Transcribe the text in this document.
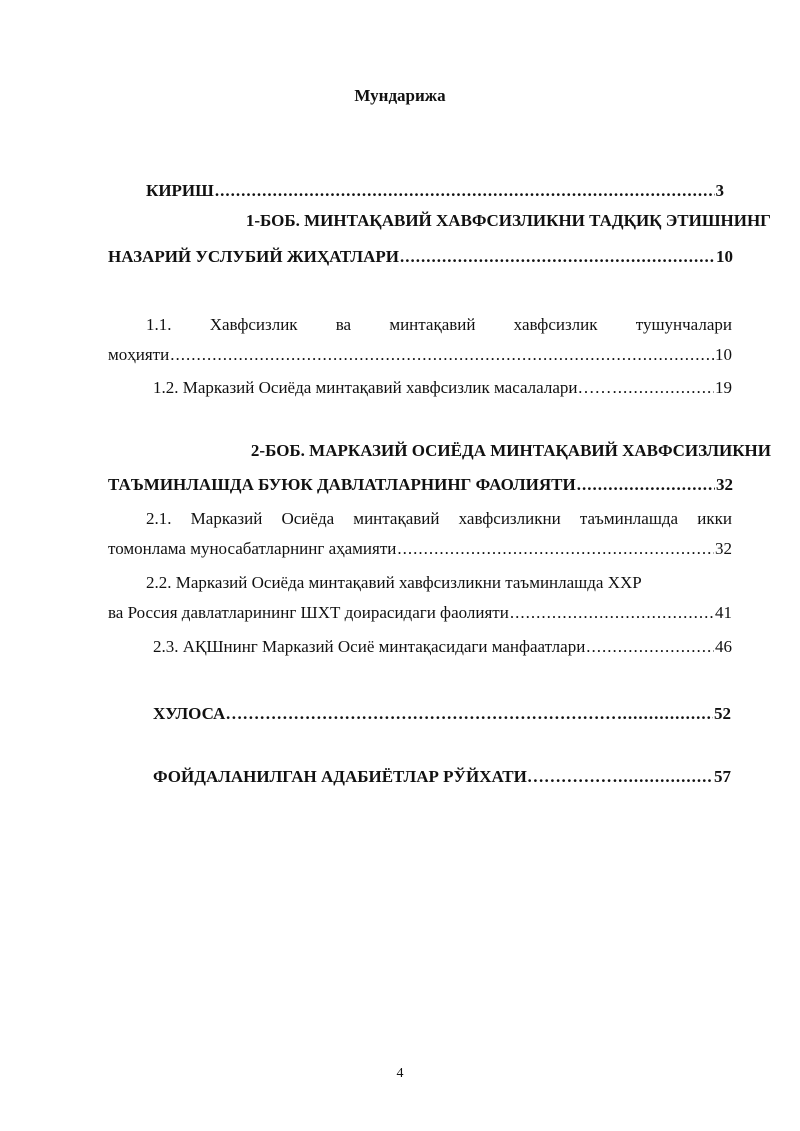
Мундарижа
КИРИШ .....	3
1-БОБ. МИНТАҚАВИЙ ХАВФСИЗЛИКНИ ТАДҚИҚ ЭТИШНИНГ
НАЗАРИЙ УСЛУБИЙ ЖИҲАТЛАРИ .....	10
1.1. Хавфсизлик ва минтақавий хавфсизлик тушунчалари
моҳияти .....	10
1.2. Марказий Осиёда минтақавий хавфсизлик масалалари…… .....	19
2-БОБ. МАРКАЗИЙ ОСИЁДА МИНТАҚАВИЙ ХАВФСИЗЛИКНИ
ТАЪМИНЛАШДА БУЮК ДАВЛАТЛАРНИНГ ФАОЛИЯТИ .....	32
2.1. Марказий Осиёда минтақавий хавфсизликни таъминлашда икки
томонлама муносабатларнинг аҳамияти .....	32
2.2. Марказий Осиёда минтақавий хавфсизликни таъминлашда ХХР
ва Россия давлатларининг ШХТ доирасидаги фаолияти .....	41
2.3. АҚШнинг Марказий Осиё минтақасидаги манфаатлари .....	46
ХУЛОСА…………………………………………………………… .....	52
ФОЙДАЛАНИЛГАН АДАБИЁТЛАР РЎЙХАТИ…………… .....	57
4
